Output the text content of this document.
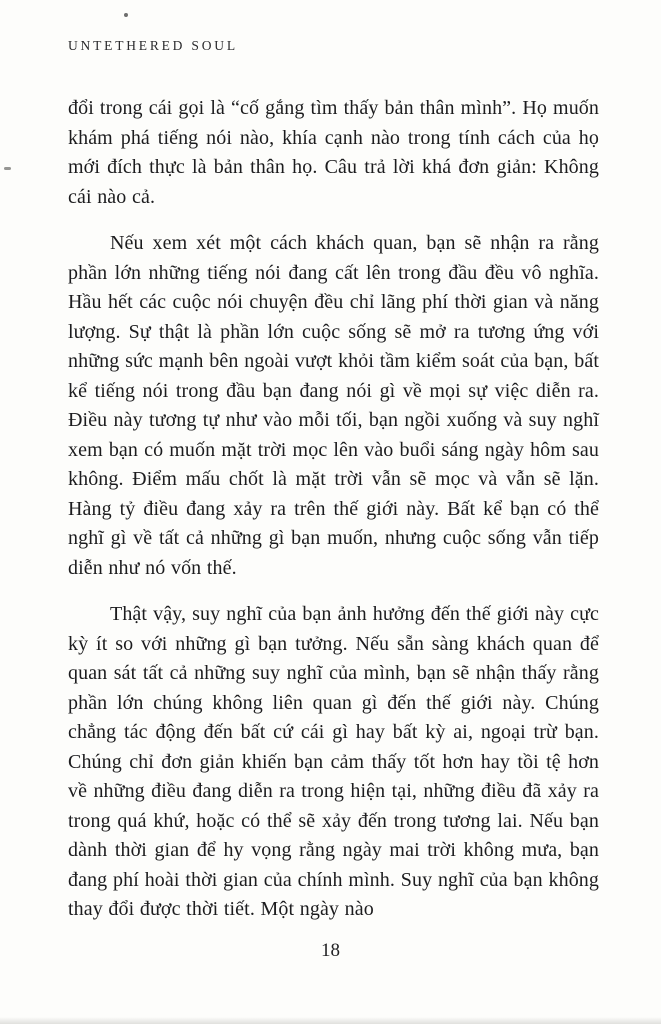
UNTETHERED SOUL

đổi trong cái gọi là “cố gắng tìm thấy bản thân mình”. Họ muốn khám phá tiếng nói nào, khía cạnh nào trong tính cách của họ mới đích thực là bản thân họ. Câu trả lời khá đơn giản: Không cái nào cả.

Nếu xem xét một cách khách quan, bạn sẽ nhận ra rằng phần lớn những tiếng nói đang cất lên trong đầu đều vô nghĩa. Hầu hết các cuộc nói chuyện đều chỉ lãng phí thời gian và năng lượng. Sự thật là phần lớn cuộc sống sẽ mở ra tương ứng với những sức mạnh bên ngoài vượt khỏi tầm kiểm soát của bạn, bất kể tiếng nói trong đầu bạn đang nói gì về mọi sự việc diễn ra. Điều này tương tự như vào mỗi tối, bạn ngồi xuống và suy nghĩ xem bạn có muốn mặt trời mọc lên vào buổi sáng ngày hôm sau không. Điểm mấu chốt là mặt trời vẫn sẽ mọc và vẫn sẽ lặn. Hàng tỷ điều đang xảy ra trên thế giới này. Bất kể bạn có thể nghĩ gì về tất cả những gì bạn muốn, nhưng cuộc sống vẫn tiếp diễn như nó vốn thế.

Thật vậy, suy nghĩ của bạn ảnh hưởng đến thế giới này cực kỳ ít so với những gì bạn tưởng. Nếu sẵn sàng khách quan để quan sát tất cả những suy nghĩ của mình, bạn sẽ nhận thấy rằng phần lớn chúng không liên quan gì đến thế giới này. Chúng chẳng tác động đến bất cứ cái gì hay bất kỳ ai, ngoại trừ bạn. Chúng chỉ đơn giản khiến bạn cảm thấy tốt hơn hay tồi tệ hơn về những điều đang diễn ra trong hiện tại, những điều đã xảy ra trong quá khứ, hoặc có thể sẽ xảy đến trong tương lai. Nếu bạn dành thời gian để hy vọng rằng ngày mai trời không mưa, bạn đang phí hoài thời gian của chính mình. Suy nghĩ của bạn không thay đổi được thời tiết. Một ngày nào

18
